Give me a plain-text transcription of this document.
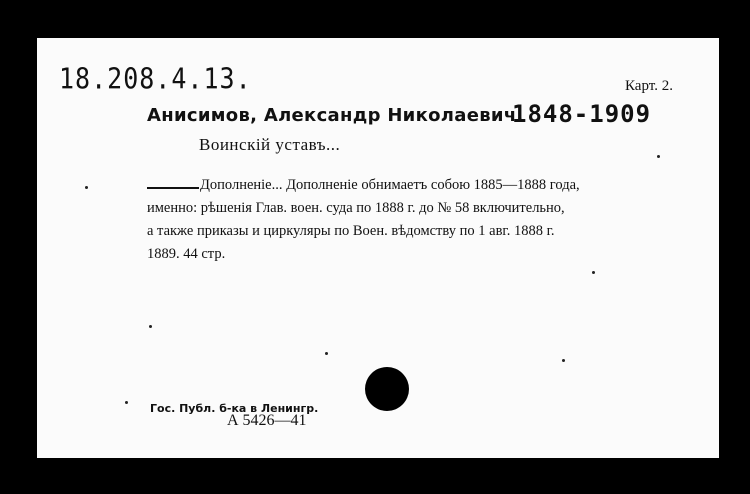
18.208.4.13.	Карт. 2.
Анисимов, Александр Николаевич.
1848-1909
Воинскій уставъ...
Дополненіе... Дополненіе обнимаетъ собою 1885—1888 года,
именно: рѣшенія Глав. воен. суда по 1888 г. до № 58 включительно,
а также приказы и циркуляры по Воен. вѣдомству по 1 авг. 1888 г.
1889. 44 стр.
Гос. Публ. б-ка в Ленингр.
А 5426—41
